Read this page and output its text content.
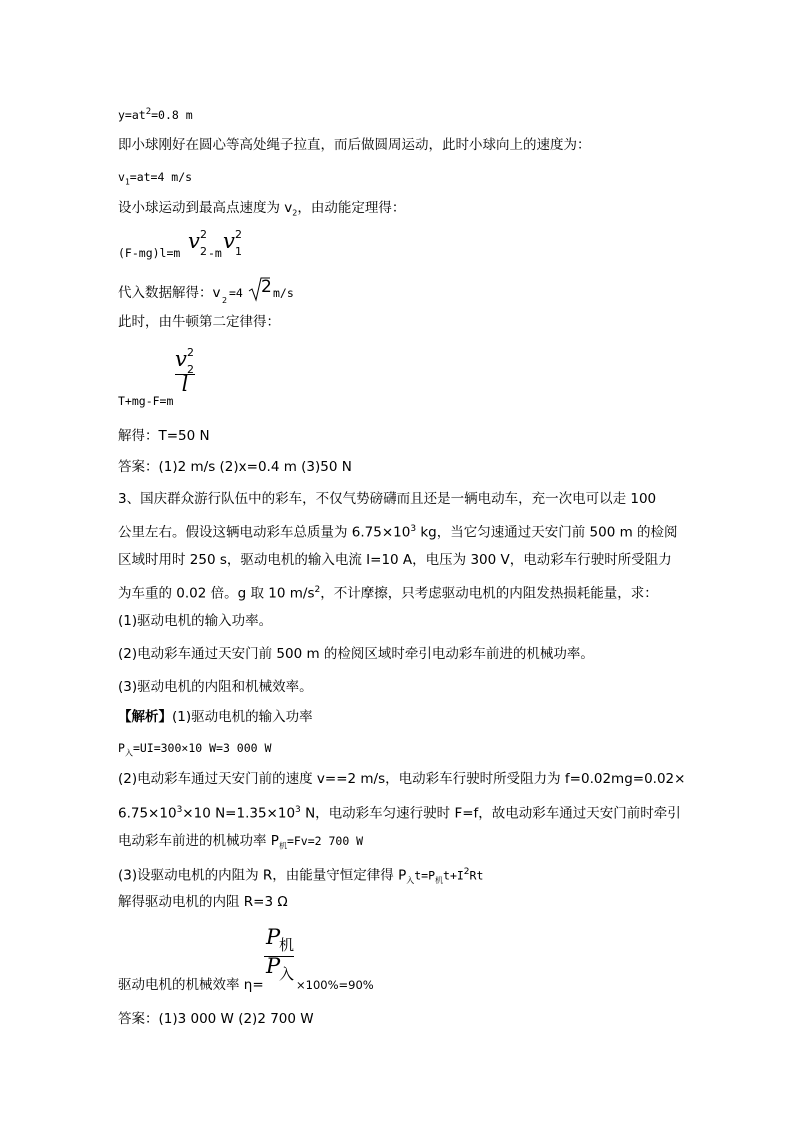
$y=at^2=0.8$ m
即小球刚好在圆心等高处绳子拉直，而后做圆周运动，此时小球向上的速度为：
$v_1=at=4$ m/s
设小球运动到最高点速度为 $v_2$，由动能定理得：
(F-mg)l=m v 2
2 -m v 2
1
代入数据解得：v 2
=4 2 m/s
此时，由牛顿第二定律得：
T+mg-F=m
v 2
2
l
解得：T=50 N
答案：(1)2 m/s (2)x=0.4 m (3)50 N
3、国庆群众游行队伍中的彩车，不仅气势磅礴而且还是一辆电动车，充一次电可以走 100
公里左右。假设这辆电动彩车总质量为 $6.75\times 10^3$ kg，当它匀速通过天安门前 500 m 的检阅
区域时用时 250 s，驱动电机的输入电流 I=10 A，电压为 300 V，电动彩车行驶时所受阻力
为车重的 0.02 倍。g 取 10 $m/s^2$，不计摩擦，只考虑驱动电机的内阻发热损耗能量，求：
(1)驱动电机的输入功率。
(2)电动彩车通过天安门前 500 m 的检阅区域时牵引电动彩车前进的机械功率。
(3)驱动电机的内阻和机械效率。
【解析】(1)驱动电机的输入功率
$P_入=UI=300\times 10$ W=3 000 W
(2)电动彩车通过天安门前的速度 v==2 m/s，电动彩车行驶时所受阻力为 f=0.02mg=0.02×
$6.75\times 10^3\times 10$ $N=1.35\times 10^3$ N，电动彩车匀速行驶时 F=f，故电动彩车通过天安门前时牵引
电动彩车前进的机械功率 $P_机=Fv=2$ 700 W
(3)设驱动电机的内阻为 R，由能量守恒定律得 $P_入t=P_机t+I^2Rt$
解得驱动电机的内阻 R=3 Ω
驱动电机的机械效率 η=
P
机
P
入
×100%=90%
答案：(1)3 000 W (2)2 700 W
